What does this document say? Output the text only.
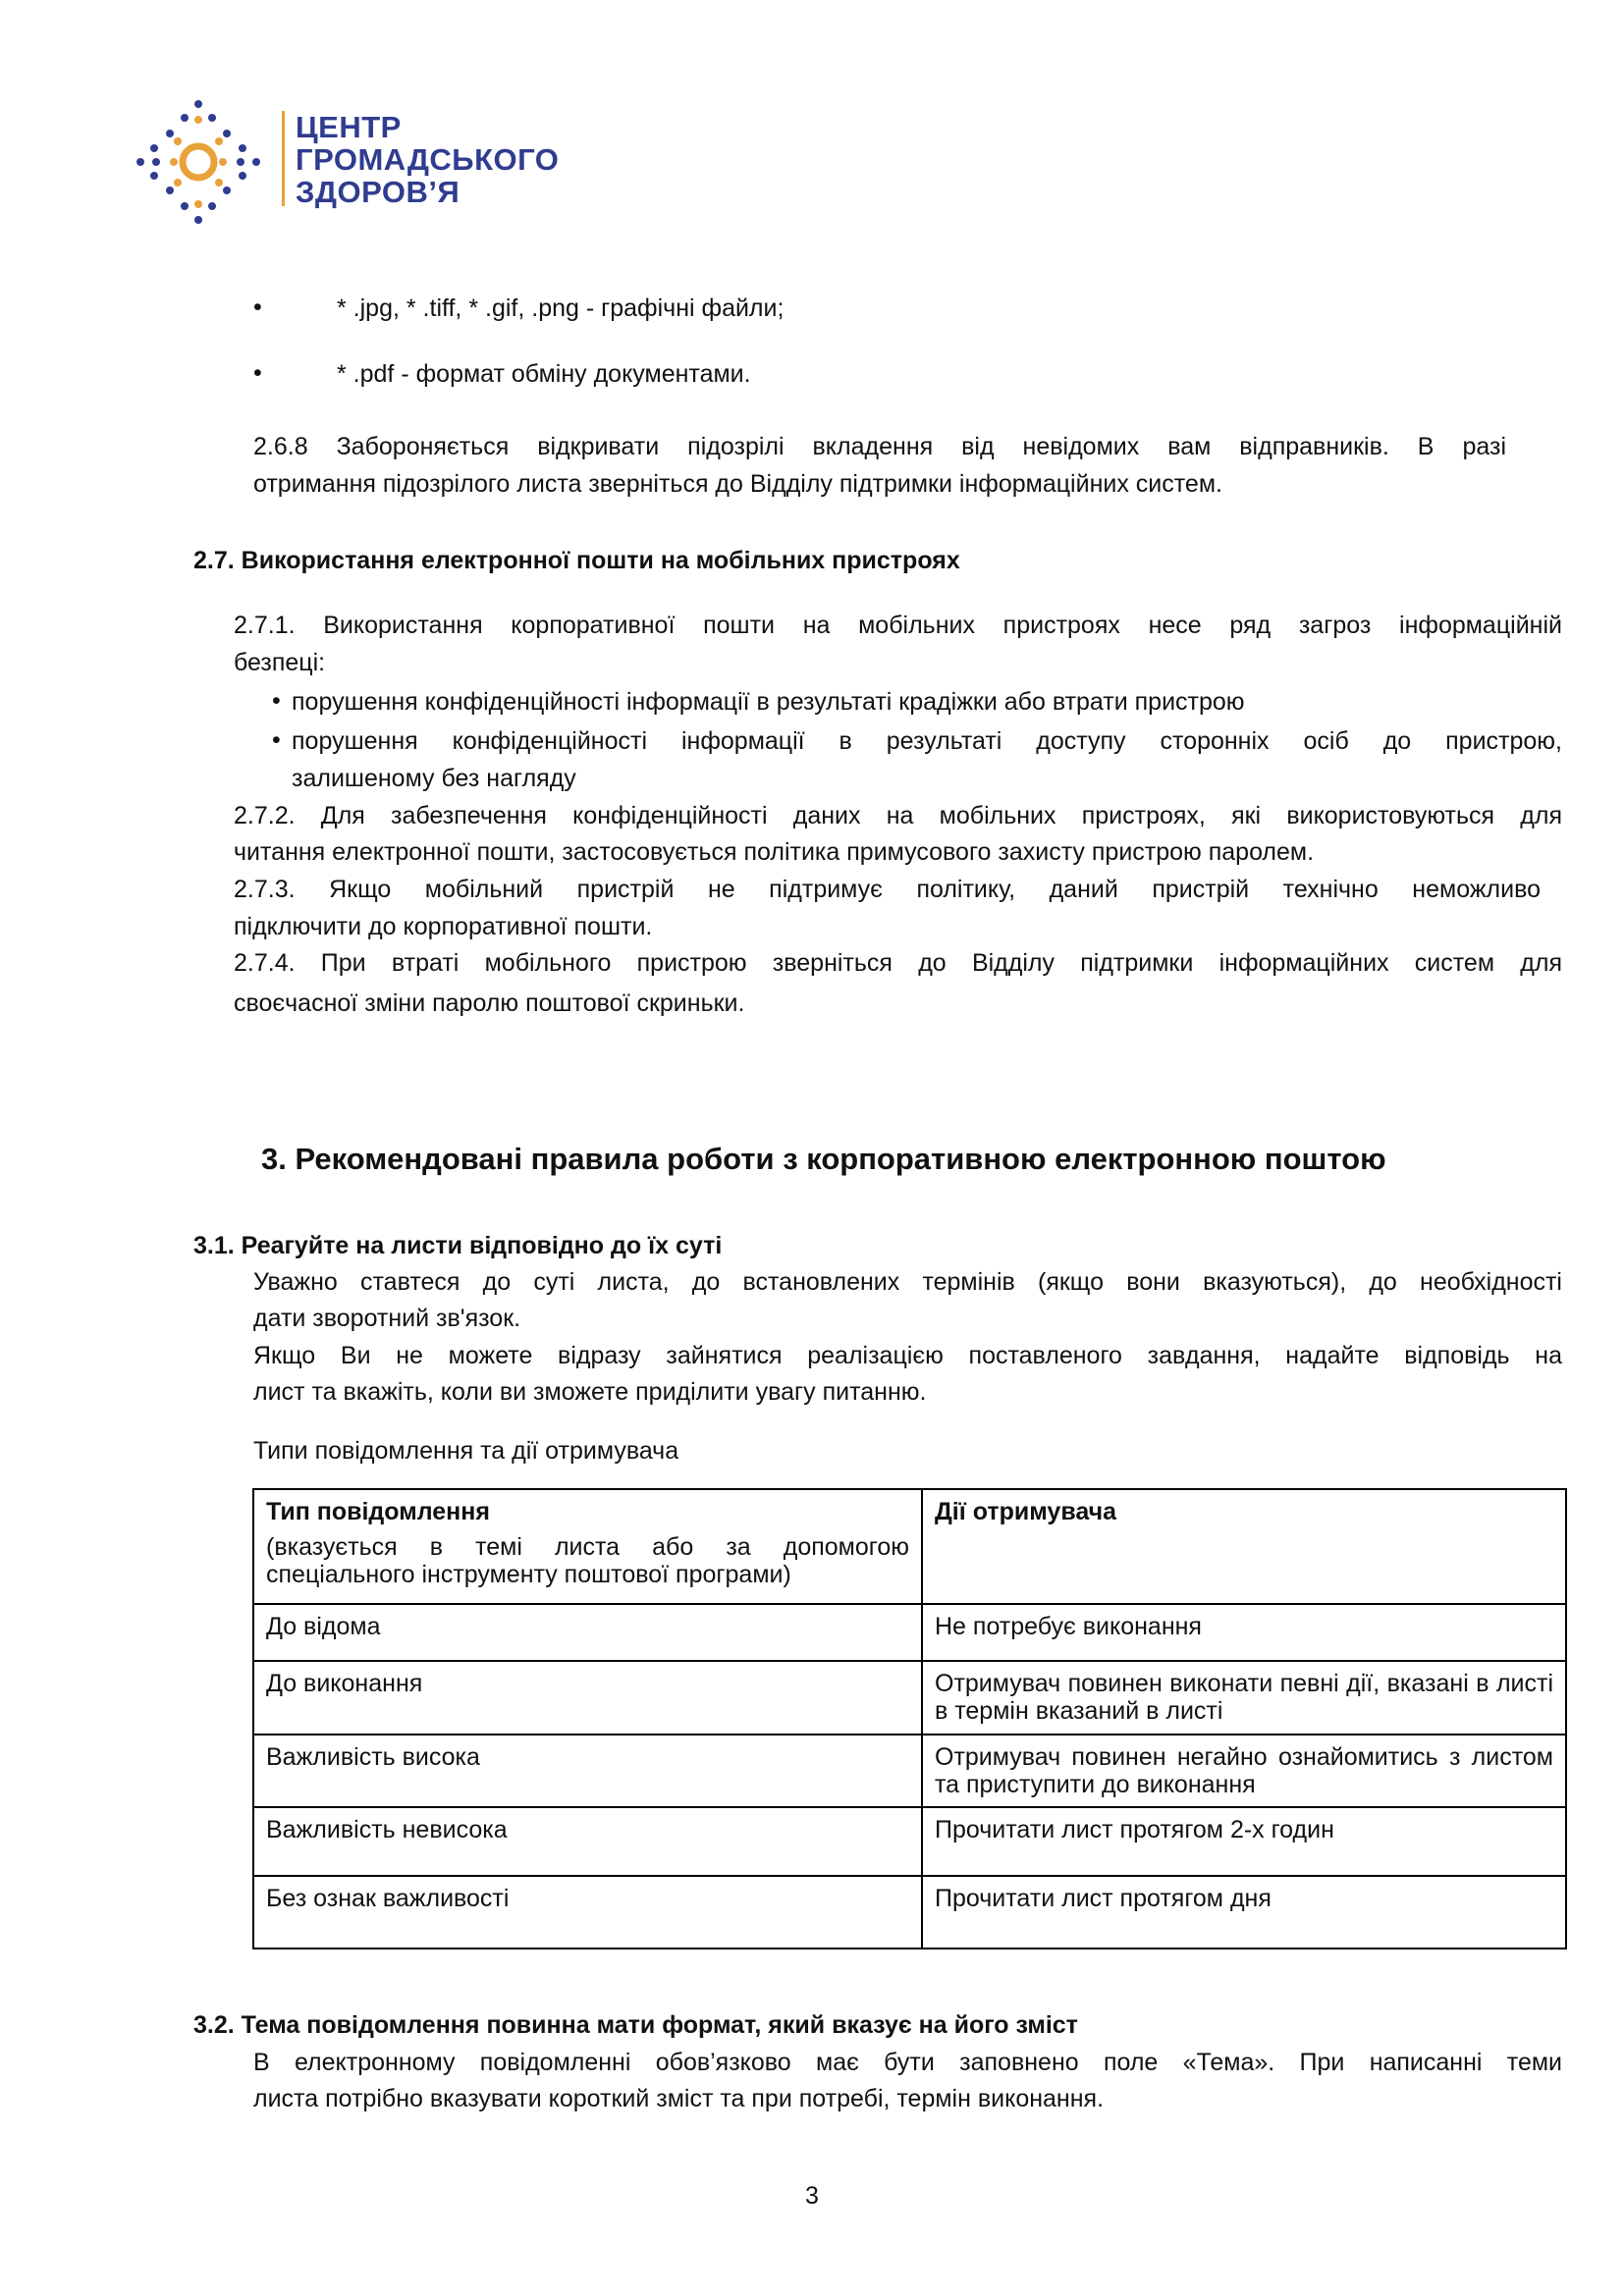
ЦЕНТР
ГРОМАДСЬКОГО
ЗДОРОВ’Я
•	* .jpg, * .tiff, * .gif, .png - графічні файли;
•	* .pdf - формат обміну документами.
2.6.8 Забороняється відкривати підозрілі вкладення від невідомих вам відправників. В разі
отримання підозрілого листа зверніться до Відділу підтримки інформаційних систем.
2.7. Використання електронної пошти на мобільних пристроях
2.7.1. Використання корпоративної пошти на мобільних пристроях несе ряд загроз інформаційній
безпеці:
• порушення конфіденційності інформації в результаті крадіжки або втрати пристрою
• порушення конфіденційності інформації в результаті доступу сторонніх осіб до пристрою,
залишеному без нагляду
2.7.2. Для забезпечення конфіденційності даних на мобільних пристроях, які використовуються для
читання електронної пошти, застосовується політика примусового захисту пристрою паролем.
2.7.3. Якщо мобільний пристрій не підтримує політику, даний пристрій технічно неможливо
підключити до корпоративної пошти.
2.7.4. При втраті мобільного пристрою зверніться до Відділу підтримки інформаційних систем для
своєчасної зміни паролю поштової скриньки.
3. Рекомендовані правила роботи з корпоративною електронною поштою
3.1. Реагуйте на листи відповідно до їх суті
Уважно ставтеся до суті листа, до встановлених термінів (якщо вони вказуються), до необхідності
дати зворотний зв'язок.
Якщо Ви не можете відразу зайнятися реалізацією поставленого завдання, надайте відповідь на
лист та вкажіть, коли ви зможете приділити увагу питанню.
Типи повідомлення та дії отримувача
Тип повідомлення
(вказується в темі листа або за допомогою спеціального інструменту поштової програми)	Дії отримувача

До відома	Не потребує виконання
До виконання	Отримувач повинен виконати певні дії, вказані в листі в термін вказаний в листі
Важливість висока	Отримувач повинен негайно ознайомитись з листом та приступити до виконання
Важливість невисока	Прочитати лист протягом 2-х годин
Без ознак важливості	Прочитати лист протягом дня
3.2. Тема повідомлення повинна мати формат, який вказує на його зміст
В електронному повідомленні обов’язково має бути заповнено поле «Тема». При написанні теми
листа потрібно вказувати короткий зміст та при потребі, термін виконання.
3
